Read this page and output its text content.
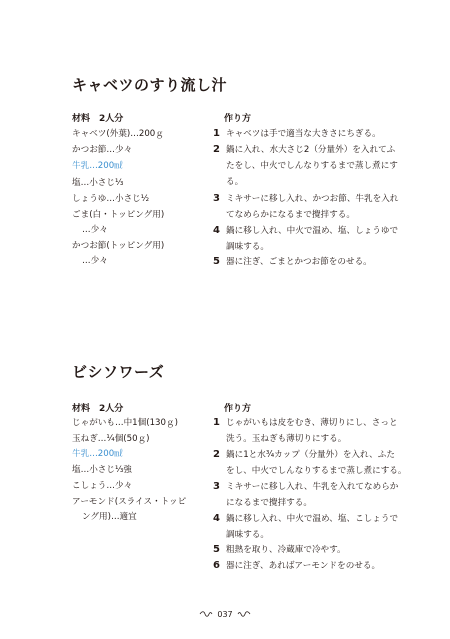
キャベツのすり流し汁
材料　2人分
キャベツ(外葉)…200ｇ
かつお節…少々
牛乳…200㎖
塩…小さじ⅓
しょうゆ…小さじ½
ごま(白・トッピング用)
…少々
かつお節(トッピング用)
…少々
作り方
1 キャベツは手で適当な大きさにちぎる。
2 鍋に入れ、水大さじ2（分量外）を入れてふ
たをし、中火でしんなりするまで蒸し煮にす
る。
3 ミキサーに移し入れ、かつお節、牛乳を入れ
てなめらかになるまで攪拌する。
4 鍋に移し入れ、中火で温め、塩、しょうゆで
調味する。
5 器に注ぎ、ごまとかつお節をのせる。
ビシソワーズ
材料　2人分
じゃがいも…中1個(130ｇ)
玉ねぎ…¼個(50ｇ)
牛乳…200㎖
塩…小さじ⅓強
こしょう…少々
アーモンド(スライス・トッピ
ング用)…適宜
作り方
1 じゃがいもは皮をむき、薄切りにし、さっと
洗う。玉ねぎも薄切りにする。
2 鍋に1と水¾カップ（分量外）を入れ、ふた
をし、中火でしんなりするまで蒸し煮にする。
3 ミキサーに移し入れ、牛乳を入れてなめらか
になるまで攪拌する。
4 鍋に移し入れ、中火で温め、塩、こしょうで
調味する。
5 粗熱を取り、冷蔵庫で冷やす。
6 器に注ぎ、あればアーモンドをのせる。
037
